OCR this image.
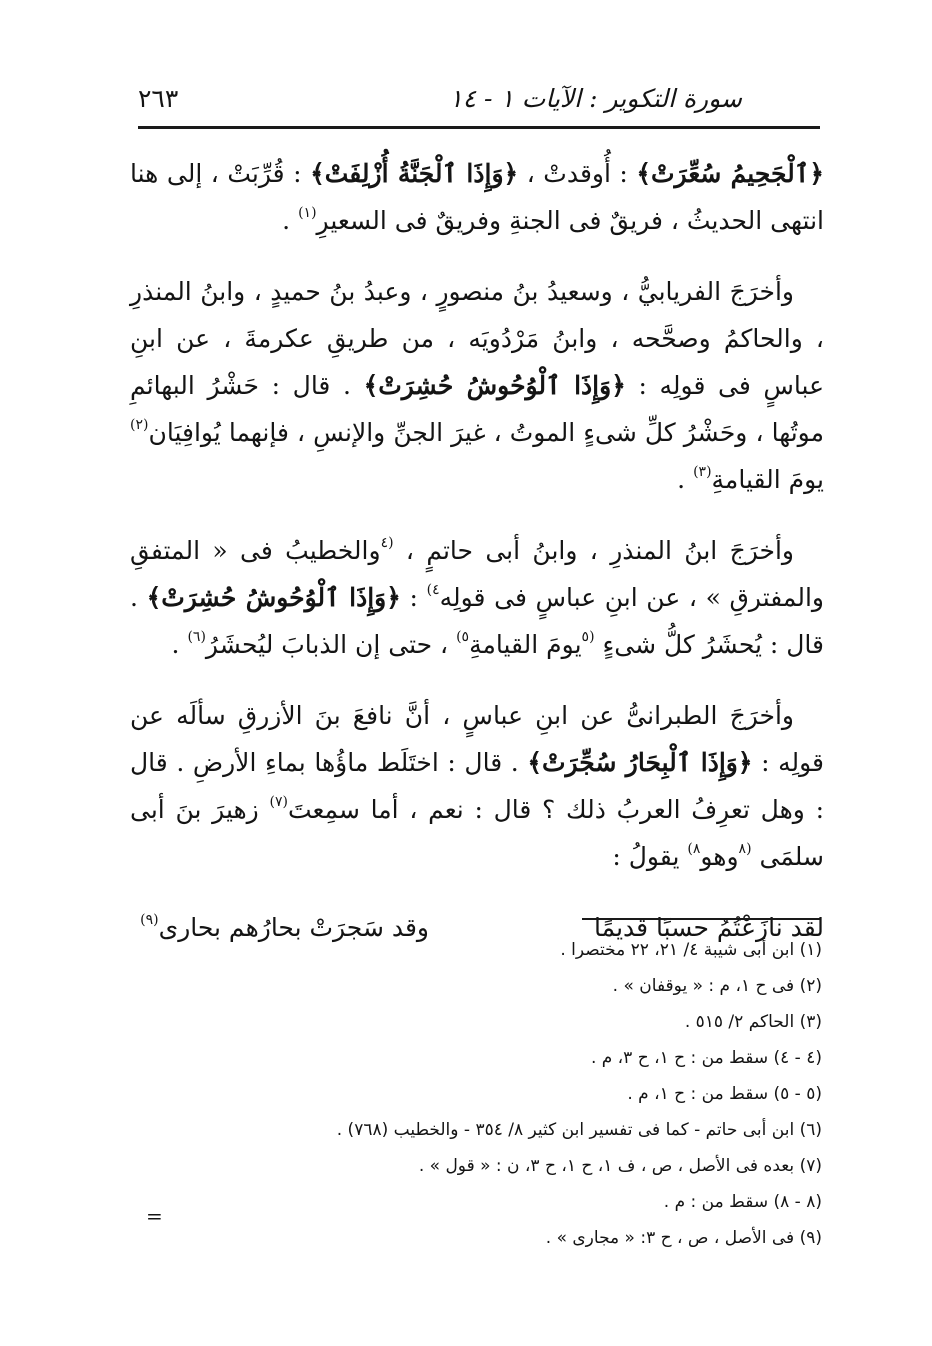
٢٦٣	سورة التكوير : الآيات ١ - ١٤

﴿ٱلْجَحِيمُ سُعِّرَتْ﴾ : أُوقدتْ ، ﴿وَإِذَا ٱلْجَنَّةُ أُزْلِفَتْ﴾ : قُرِّبَتْ ، إلى هنا انتهى الحديثُ ، فريقٌ فى الجنةِ وفريقٌ فى السعيرِ$^{(١)}$ .

وأخرَجَ الفريابيُّ ، وسعيدُ بنُ منصورٍ ، وعبدُ بنُ حميدٍ ، وابنُ المنذرِ ، والحاكمُ وصحَّحه ، وابنُ مَرْدُويَه ، من طريقِ عكرمةَ ، عن ابنِ عباسٍ فى قولِه : ﴿وَإِذَا ٱلْوُحُوشُ حُشِرَتْ﴾ . قال : حَشْرُ البهائمِ موتُها ، وحَشْرُ كلِّ شىءٍ الموتُ ، غيرَ الجنِّ والإنسِ ، فإنهما يُوافِيَان$^{(٢)}$ يومَ القيامةِ$^{(٣)}$ .

وأخرَجَ ابنُ المنذرِ ، وابنُ أبى حاتمٍ ، $^{(٤}$والخطيبُ فى « المتفقِ والمفترقِ » ، عن ابنِ عباسٍ فى قولِه$^{٤)}$ : ﴿وَإِذَا ٱلْوُحُوشُ حُشِرَتْ﴾ . قال : يُحشَرُ كلُّ شىءٍ $^{(٥}$يومَ القيامةِ$^{٥)}$ ، حتى إن الذبابَ ليُحشَرُ$^{(٦)}$ .

وأخرَجَ الطبرانىُّ عن ابنِ عباسٍ ، أنَّ نافعَ بنَ الأزرقِ سألَه عن قولِه : ﴿وَإِذَا ٱلْبِحَارُ سُجِّرَتْ﴾ . قال : اختَلَط ماؤُها بماءِ الأرضِ . قال : وهل تعرِفُ العربُ ذلك ؟ قال : نعم ، أما سمِعتَ$^{(٧)}$ زهيرَ بنَ أبى سلمَى $^{(٨}$وهو$^{٨)}$ يقولُ :

لقد نازَعْتُمُ حسبًا قديمًا
وقد سَجرَتْ بحارُهم بحارى$^{(٩)}$
(١) ابن أبى شيبة ٤/ ٢١، ٢٢ مختصرا .
(٢) فى ح ١، م : « يوقفان » .
(٣) الحاكم ٢/ ٥١٥ .
(٤ - ٤) سقط من : ح ١، ح ٣، م .
(٥ - ٥) سقط من : ح ١، م .
(٦) ابن أبى حاتم - كما فى تفسير ابن كثير ٨/ ٣٥٤ - والخطيب (٧٦٨) .
(٧) بعده فى الأصل ، ص ، ف ١، ح ١، ح ٣، ن : « قول » .
(٨ - ٨) سقط من : م .
(٩) فى الأصل ، ص ، ح ٣: « مجارى » .
=
